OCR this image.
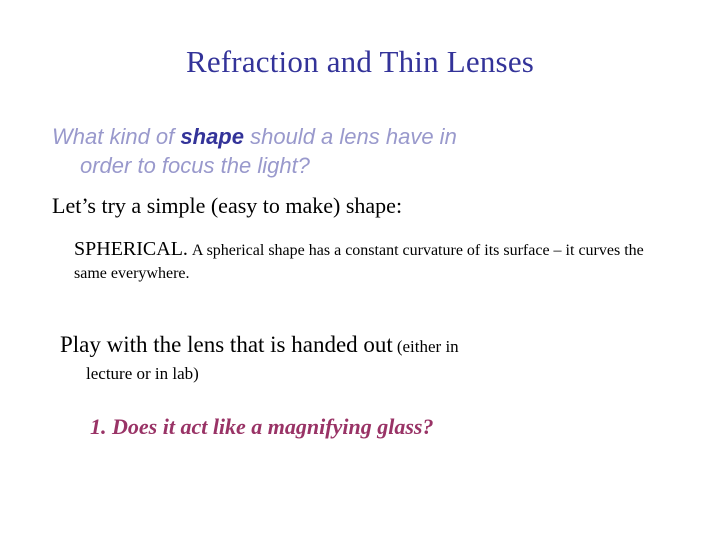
Refraction and Thin Lenses

What kind of shape should a lens have in
order to focus the light?

Let’s try a simple (easy to make) shape:

SPHERICAL. A spherical shape has a constant curvature of its surface – it curves the same everywhere.

Play with the lens that is handed out (either in

lecture or in lab)

1. Does it act like a magnifying glass?
